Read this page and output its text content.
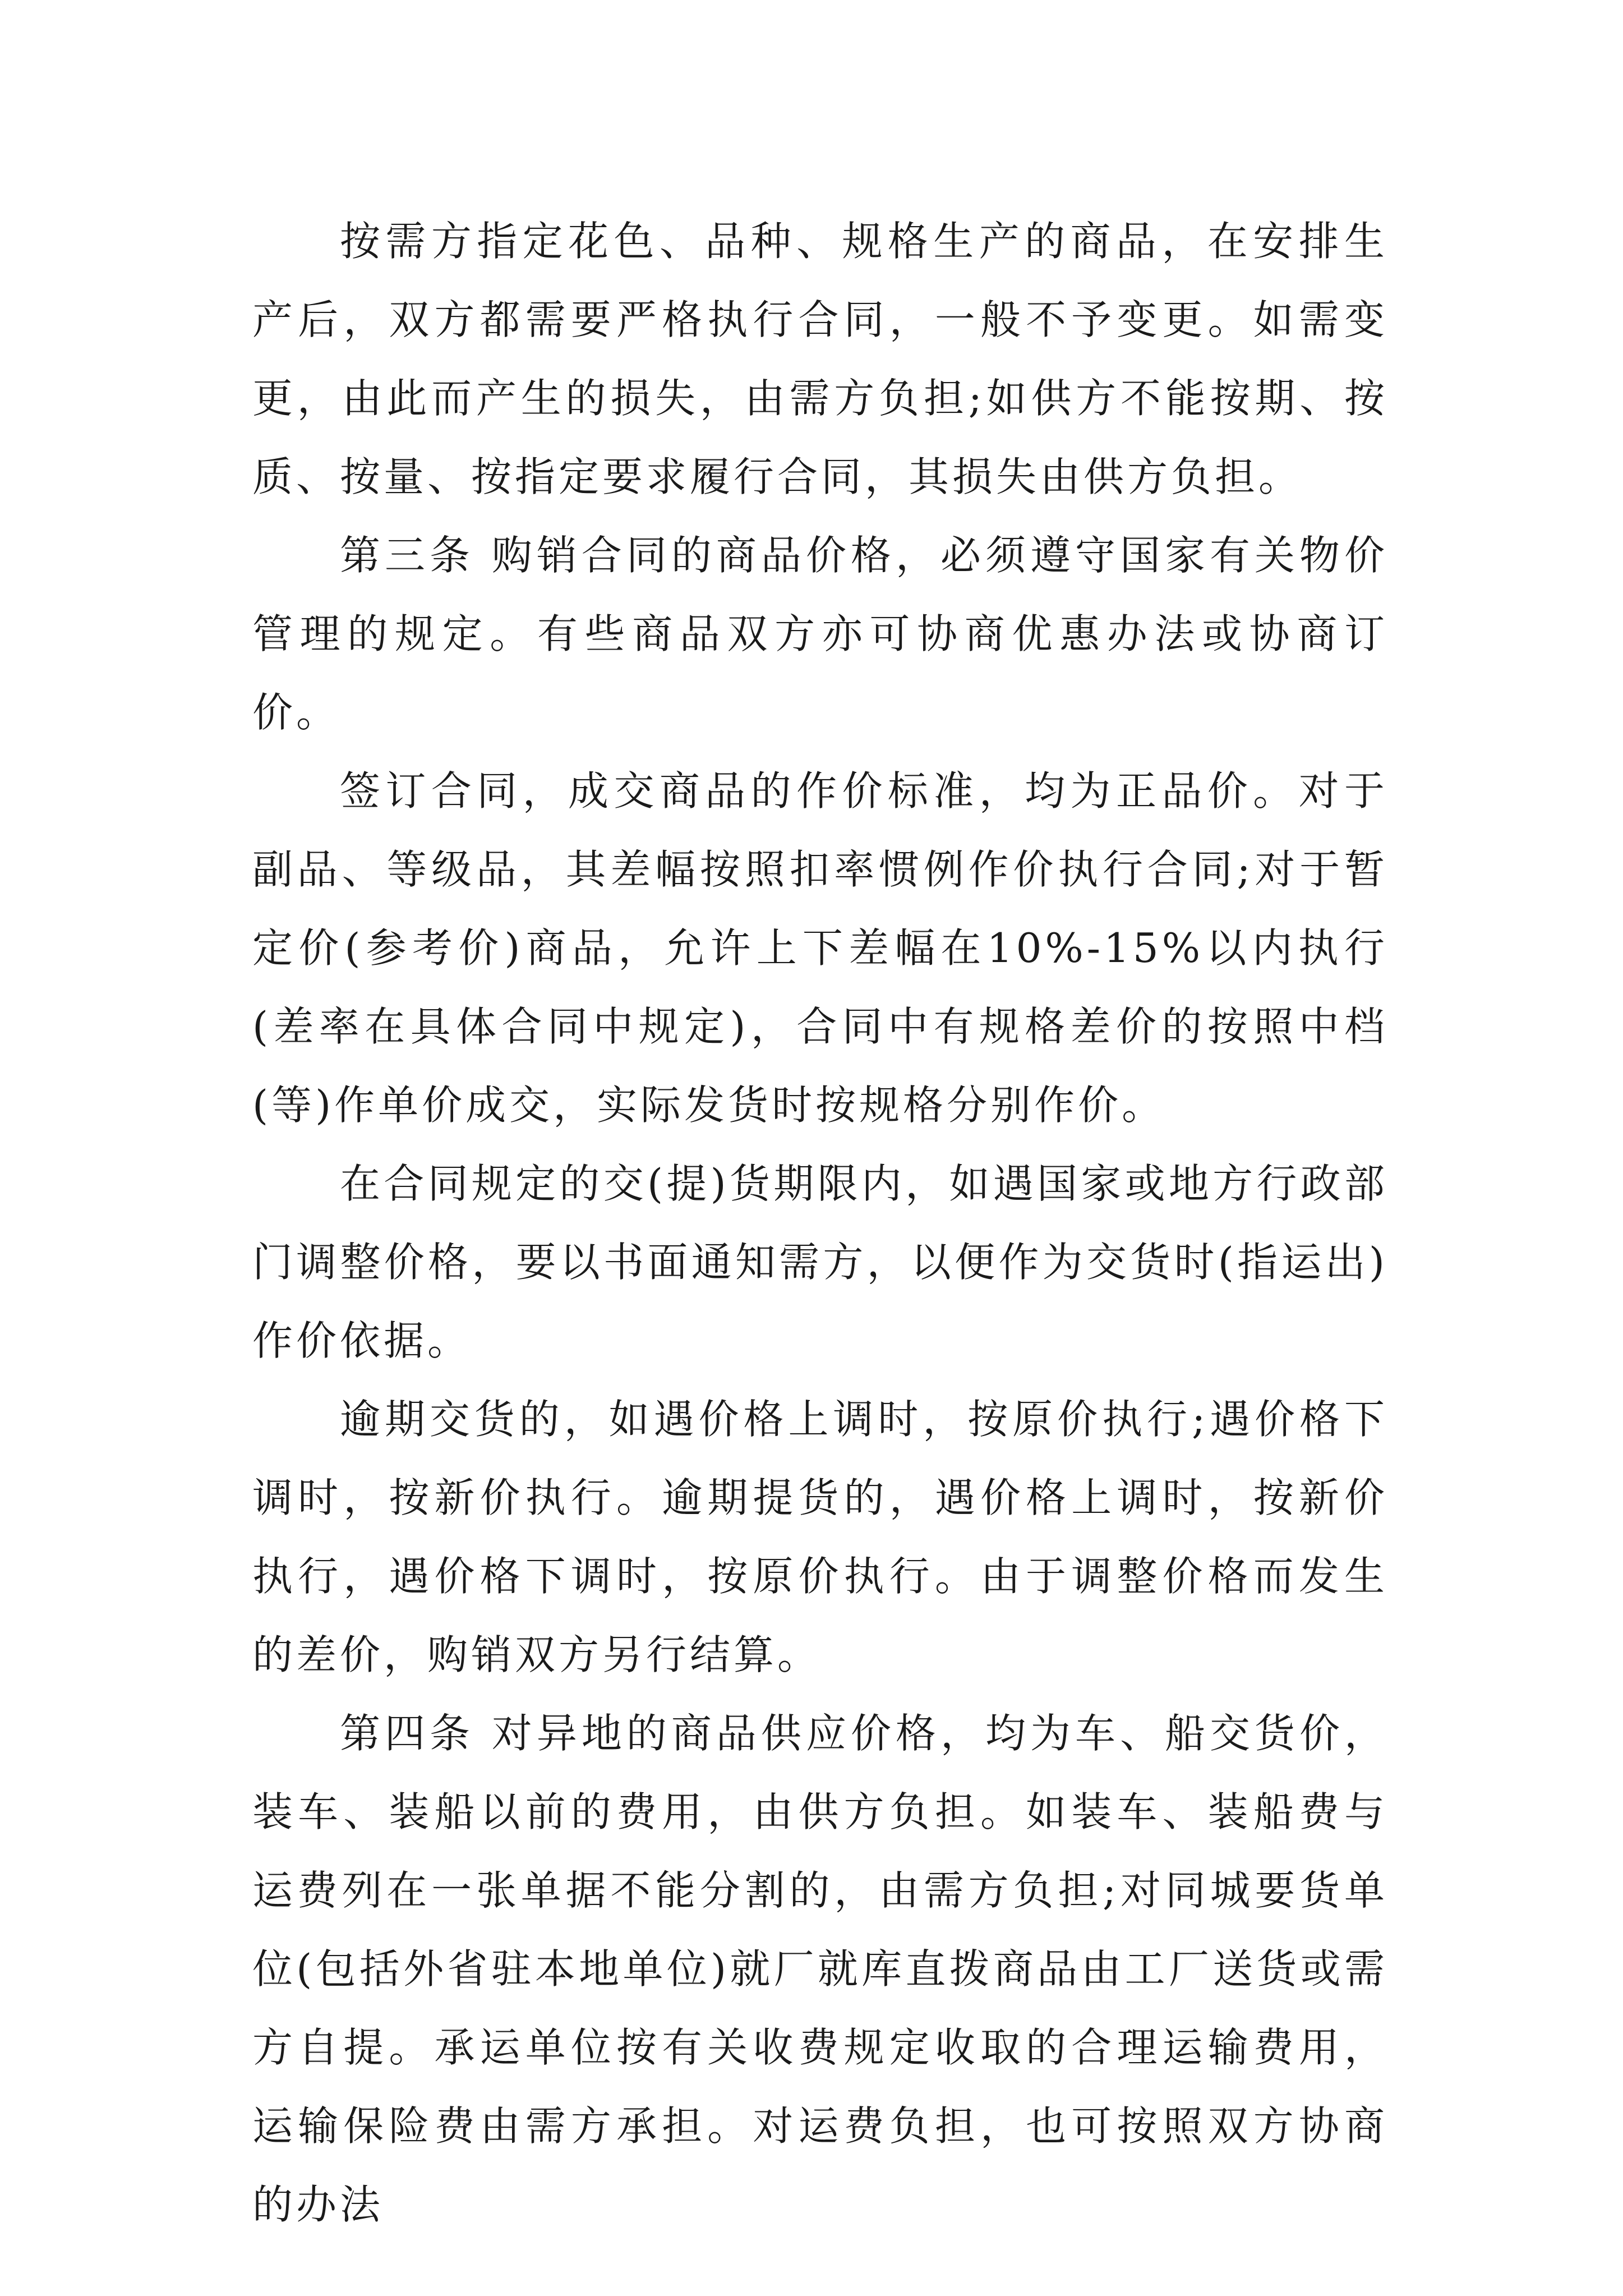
按需方指定花色、品种、规格生产的商品，在安排生产后，双方都需要严格执行合同，一般不予变更。如需变更，由此而产生的损失，由需方负担;如供方不能按期、按质、按量、按指定要求履行合同，其损失由供方负担。

第三条 购销合同的商品价格，必须遵守国家有关物价管理的规定。有些商品双方亦可协商优惠办法或协商订价。

签订合同，成交商品的作价标准，均为正品价。对于副品、等级品，其差幅按照扣率惯例作价执行合同;对于暂定价(参考价)商品，允许上下差幅在10%-15%以内执行(差率在具体合同中规定)，合同中有规格差价的按照中档(等)作单价成交，实际发货时按规格分别作价。

在合同规定的交(提)货期限内，如遇国家或地方行政部门调整价格，要以书面通知需方，以便作为交货时(指运出)作价依据。

逾期交货的，如遇价格上调时，按原价执行;遇价格下调时，按新价执行。逾期提货的，遇价格上调时，按新价执行，遇价格下调时，按原价执行。由于调整价格而发生的差价，购销双方另行结算。

第四条 对异地的商品供应价格，均为车、船交货价，装车、装船以前的费用，由供方负担。如装车、装船费与运费列在一张单据不能分割的，由需方负担;对同城要货单位(包括外省驻本地单位)就厂就库直拨商品由工厂送货或需方自提。承运单位按有关收费规定收取的合理运输费用，运输保险费由需方承担。对运费负担，也可按照双方协商的办法
